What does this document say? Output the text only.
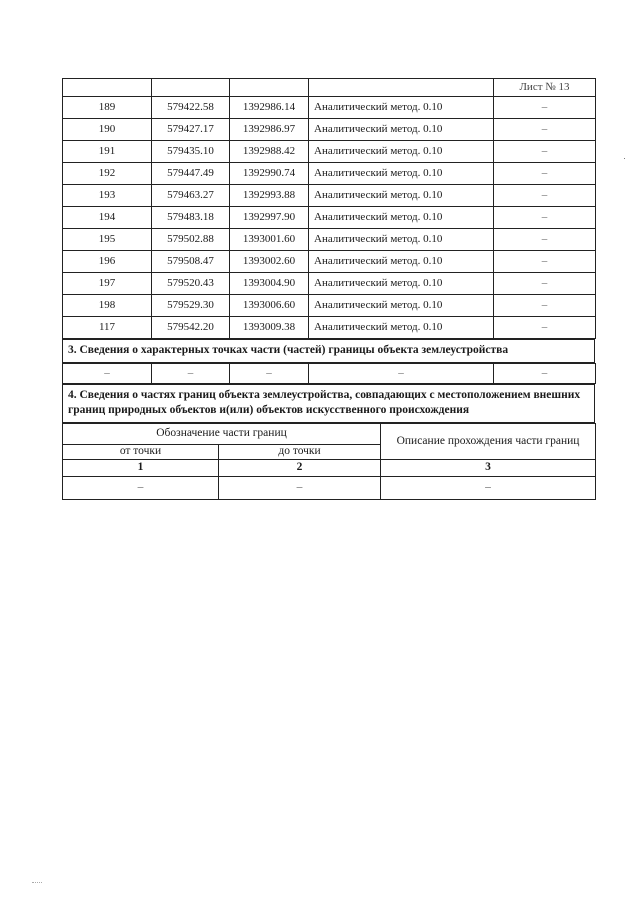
				Лист № 13
189	579422.58	1392986.14	Аналитический метод. 0.10	–
190	579427.17	1392986.97	Аналитический метод. 0.10	–
191	579435.10	1392988.42	Аналитический метод. 0.10	–
192	579447.49	1392990.74	Аналитический метод. 0.10	–
193	579463.27	1392993.88	Аналитический метод. 0.10	–
194	579483.18	1392997.90	Аналитический метод. 0.10	–
195	579502.88	1393001.60	Аналитический метод. 0.10	–
196	579508.47	1393002.60	Аналитический метод. 0.10	–
197	579520.43	1393004.90	Аналитический метод. 0.10	–
198	579529.30	1393006.60	Аналитический метод. 0.10	–
117	579542.20	1393009.38	Аналитический метод. 0.10	–
3. Сведения о характерных точках части (частей) границы объекта землеустройства
–	–	–	–	–
4. Сведения о частях границ объекта землеустройства, совпадающих с местоположением внешних границ природных объектов и(или) объектов искусственного происхождения
Обозначение части границ		Описание прохождения части границ
от точки	до точки	
1	2	3
–	–	–
